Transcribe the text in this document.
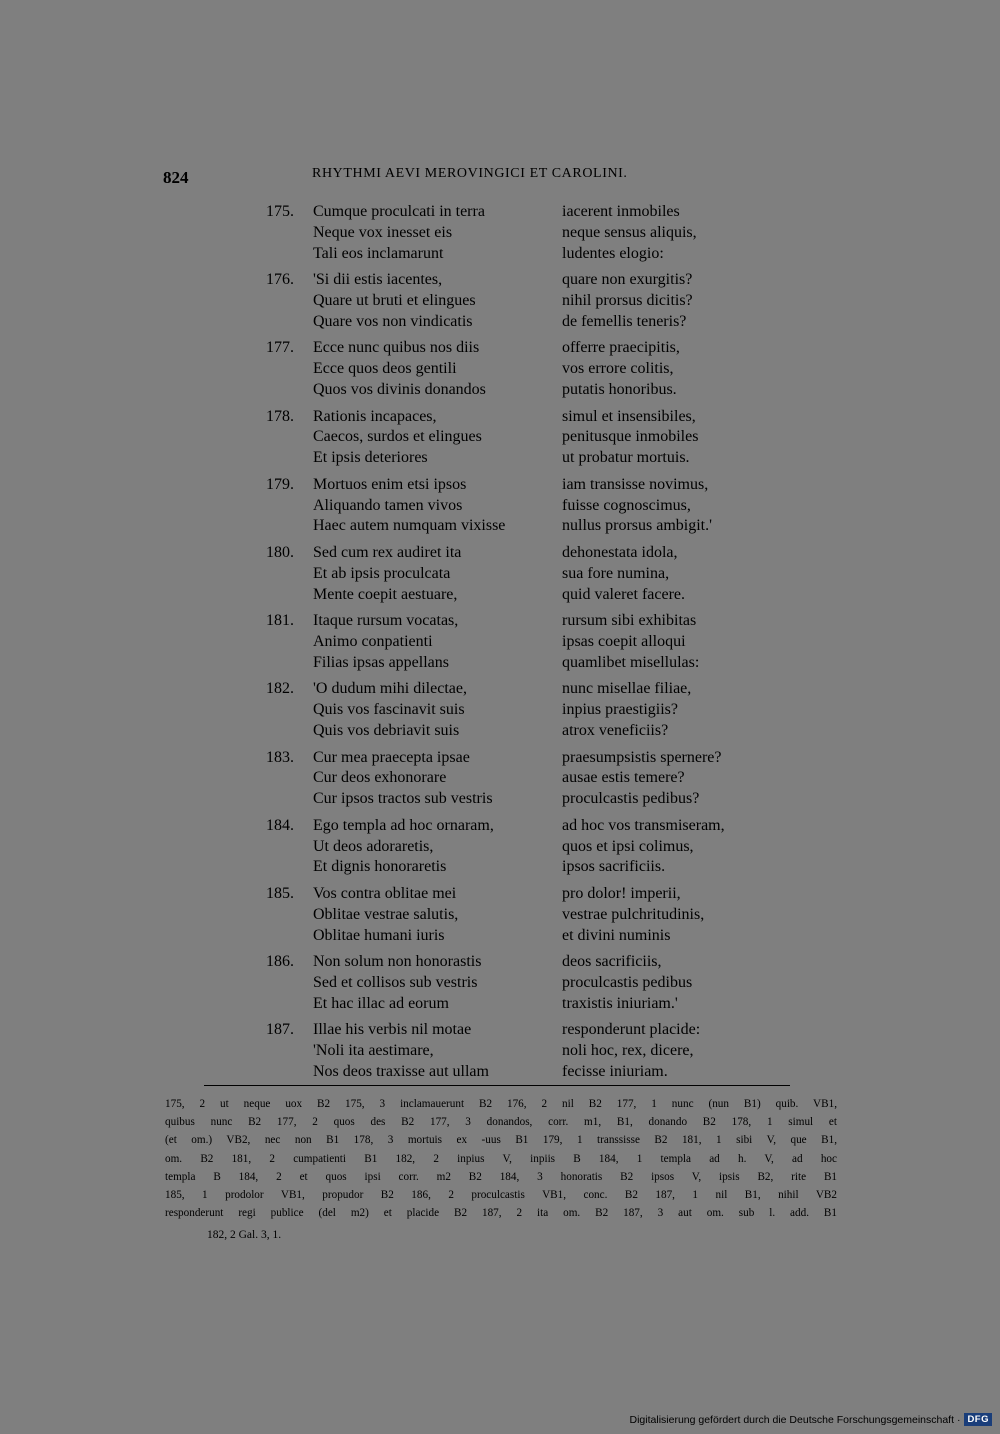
824	RHYTHMI AEVI MEROVINGICI ET CAROLINI.
175. Cumque proculcati in terra	iacerent inmobiles
Neque vox inesset eis	neque sensus aliquis,
Tali eos inclamarunt	ludentes elogio:
176. 'Si dii estis iacentes,	quare non exurgitis?
Quare ut bruti et elingues	nihil prorsus dicitis?
Quare vos non vindicatis	de femellis teneris?
177. Ecce nunc quibus nos diis	offerre praecipitis,
Ecce quos deos gentili	vos errore colitis,
Quos vos divinis donandos	putatis honoribus.
178. Rationis incapaces,	simul et insensibiles,
Caecos, surdos et elingues	penitusque inmobiles
Et ipsis deteriores	ut probatur mortuis.
179. Mortuos enim etsi ipsos	iam transisse novimus,
Aliquando tamen vivos	fuisse cognoscimus,
Haec autem numquam vixisse	nullus prorsus ambigit.'
180. Sed cum rex audiret ita	dehonestata idola,
Et ab ipsis proculcata	sua fore numina,
Mente coepit aestuare,	quid valeret facere.
181. Itaque rursum vocatas,	rursum sibi exhibitas
Animo conpatienti	ipsas coepit alloqui
Filias ipsas appellans	quamlibet misellulas:
182. 'O dudum mihi dilectae,	nunc misellae filiae,
Quis vos fascinavit suis	inpius praestigiis?
Quis vos debriavit suis	atrox veneficiis?
183. Cur mea praecepta ipsae	praesumpsistis spernere?
Cur deos exhonorare	ausae estis temere?
Cur ipsos tractos sub vestris	proculcastis pedibus?
184. Ego templa ad hoc ornaram,	ad hoc vos transmiseram,
Ut deos adoraretis,	quos et ipsi colimus,
Et dignis honoraretis	ipsos sacrificiis.
185. Vos contra oblitae mei	pro dolor! imperii,
Oblitae vestrae salutis,	vestrae pulchritudinis,
Oblitae humani iuris	et divini numinis
186. Non solum non honorastis	deos sacrificiis,
Sed et collisos sub vestris	proculcastis pedibus
Et hac illac ad eorum	traxistis iniuriam.'
187. Illae his verbis nil motae	responderunt placide:
'Noli ita aestimare,	noli hoc, rex, dicere,
Nos deos traxisse aut ullam	fecisse iniuriam.
175, 2 ut neque uox B2 175, 3 inclamauerunt B2 176, 2 nil B2 177, 1 nunc (nun B1) quib. VB1,
quibus nunc B2 177, 2 quos des B2 177, 3 donandos, corr. m1, B1, donando B2 178, 1 simul et
(et om.) VB2, nec non B1 178, 3 mortuis ex -uus B1 179, 1 transsisse B2 181, 1 sibi V, que B1,
om. B2 181, 2 cumpatienti B1 182, 2 inpius V, inpiis B 184, 1 templa ad h. V, ad hoc
templa B 184, 2 et quos ipsi corr. m2 B2 184, 3 honoratis B2 ipsos V, ipsis B2, rite B1
185, 1 prodolor VB1, propudor B2 186, 2 proculcastis VB1, conc. B2 187, 1 nil B1, nihil VB2
responderunt regi publice (del m2) et placide B2 187, 2 ita om. B2 187, 3 aut om. sub l. add. B1
182, 2 Gal. 3, 1.
Digitalisierung gefördert durch die Deutsche Forschungsgemeinschaft · DFG
